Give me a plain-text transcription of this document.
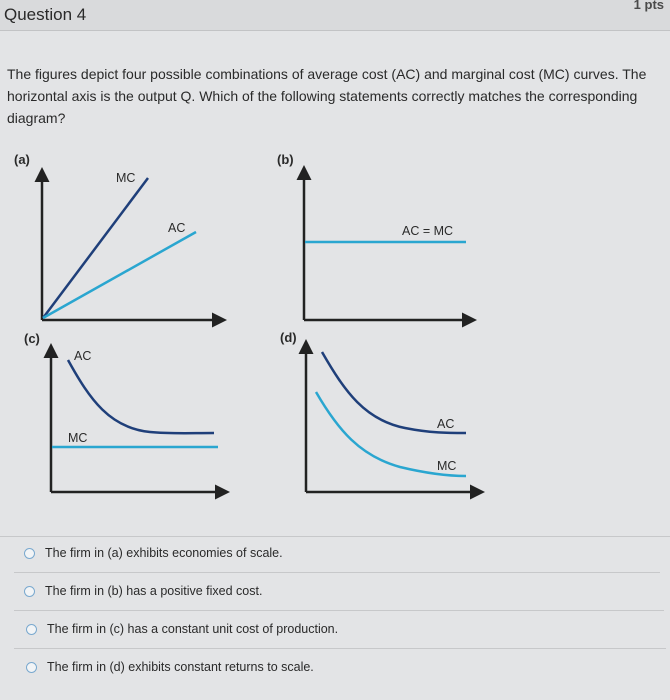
Question 4
1 pts

The figures depict four possible combinations of average cost (AC) and marginal cost (MC) curves. The horizontal axis is the output Q. Which of the following statements correctly matches the corresponding diagram?

(a)
MC
AC
(b)
AC = MC
(c)
AC
MC
(d)
AC
MC
The firm in (a) exhibits economies of scale.
The firm in (b) has a positive fixed cost.
The firm in (c) has a constant unit cost of production.
The firm in (d) exhibits constant returns to scale.
